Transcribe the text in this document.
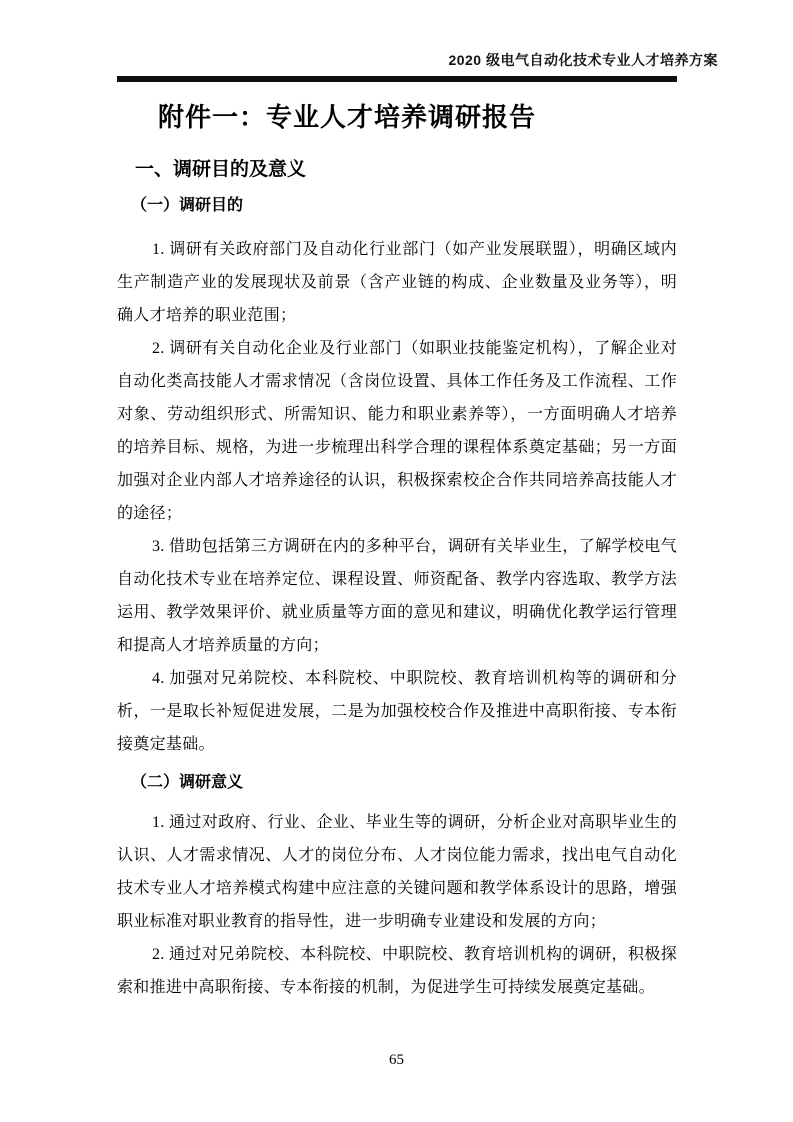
2020 级电气自动化技术专业人才培养方案
附件一：专业人才培养调研报告
一、调研目的及意义
（一）调研目的

1. 调研有关政府部门及自动化行业部门（如产业发展联盟），明确区域内生产制造产业的发展现状及前景（含产业链的构成、企业数量及业务等），明确人才培养的职业范围；

2. 调研有关自动化企业及行业部门（如职业技能鉴定机构），了解企业对自动化类高技能人才需求情况（含岗位设置、具体工作任务及工作流程、工作对象、劳动组织形式、所需知识、能力和职业素养等），一方面明确人才培养的培养目标、规格，为进一步梳理出科学合理的课程体系奠定基础；另一方面加强对企业内部人才培养途径的认识，积极探索校企合作共同培养高技能人才的途径；

3. 借助包括第三方调研在内的多种平台，调研有关毕业生，了解学校电气自动化技术专业在培养定位、课程设置、师资配备、教学内容选取、教学方法运用、教学效果评价、就业质量等方面的意见和建议，明确优化教学运行管理和提高人才培养质量的方向；

4. 加强对兄弟院校、本科院校、中职院校、教育培训机构等的调研和分析，一是取长补短促进发展，二是为加强校校合作及推进中高职衔接、专本衔接奠定基础。

（二）调研意义

1. 通过对政府、行业、企业、毕业生等的调研，分析企业对高职毕业生的认识、人才需求情况、人才的岗位分布、人才岗位能力需求，找出电气自动化技术专业人才培养模式构建中应注意的关键问题和教学体系设计的思路，增强职业标准对职业教育的指导性，进一步明确专业建设和发展的方向；

2. 通过对兄弟院校、本科院校、中职院校、教育培训机构的调研，积极探索和推进中高职衔接、专本衔接的机制，为促进学生可持续发展奠定基础。

65
